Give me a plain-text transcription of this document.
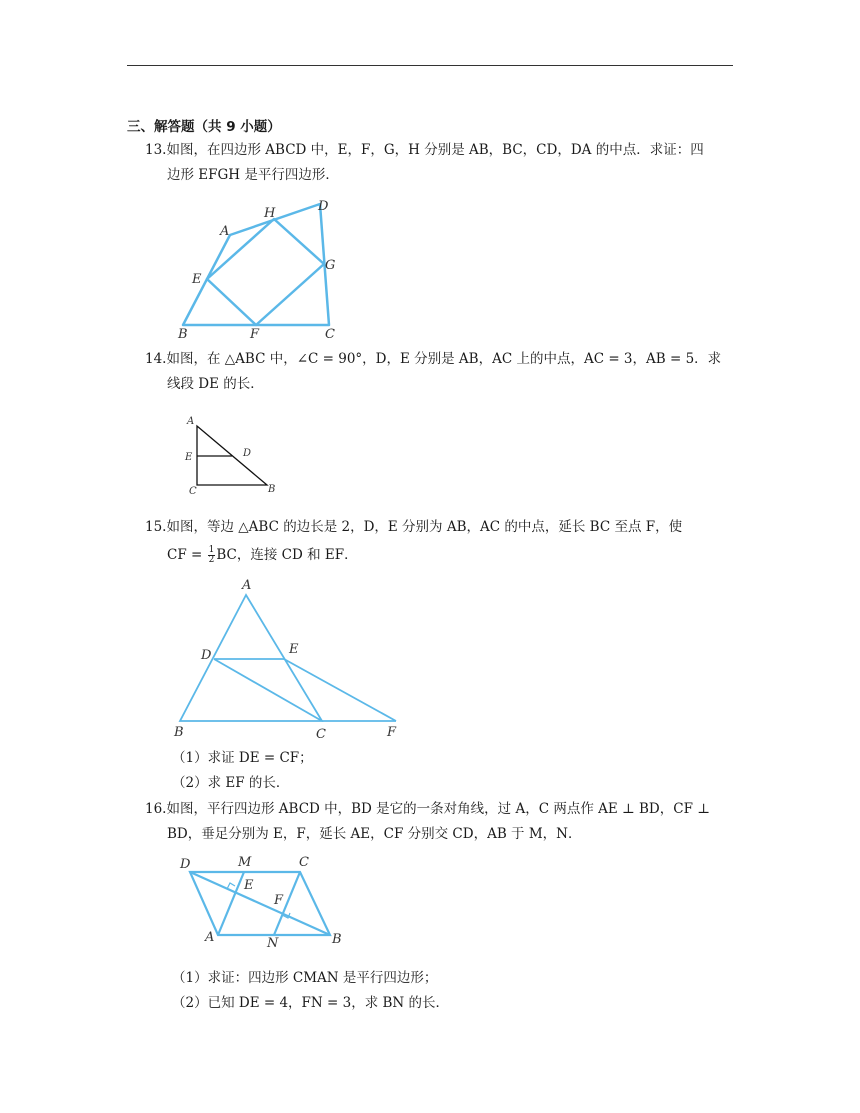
三、解答题（共 9 小题）
13.如图，在四边形 ABCD 中，E，F，G，H 分别是 AB，BC，CD，DA 的中点．求证：四
边形 EFGH 是平行四边形．
A
H	D
E
G
B	F	C
14.如图，在 △ABC 中，∠C = 90°，D，E 分别是 AB，AC 上的中点，AC = 3，AB = 5．求
线段 DE 的长．
A
E	D
C	B
15.如图，等边 △ABC 的边长是 2，D，E 分别为 AB，AC 的中点，延长 BC 至点 F，使
CF = $\frac{1}{2}$ BC，连接 CD 和 EF．
A
D	E
B	C	F
（1）求证 DE = CF；
（2）求 EF 的长．
16.如图，平行四边形 ABCD 中，BD 是它的一条对角线，过 A，C 两点作 AE ⊥ BD，CF ⊥
BD，垂足分别为 E，F，延长 AE，CF 分别交 CD，AB 于 M，N．
D	M	C
E
F
A	N	B
（1）求证：四边形 CMAN 是平行四边形；
（2）已知 DE = 4，FN = 3，求 BN 的长．
